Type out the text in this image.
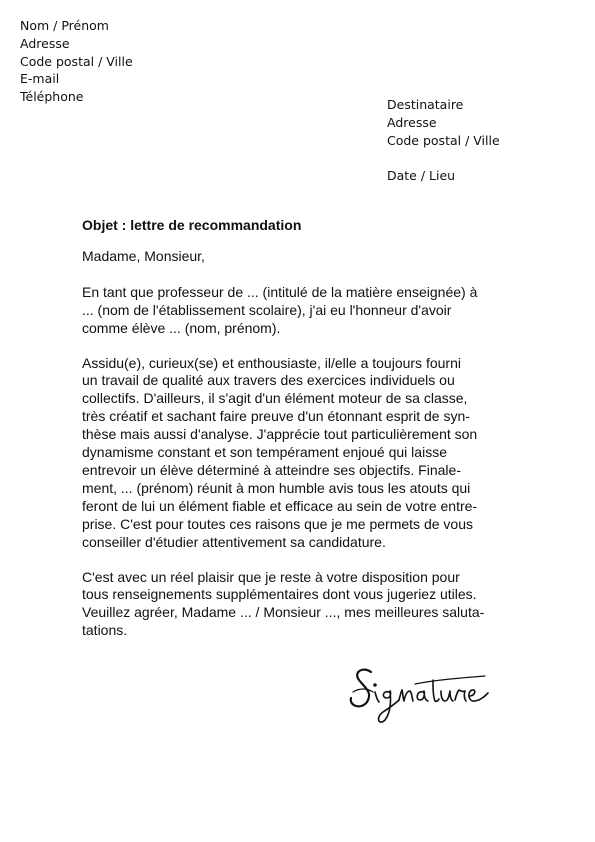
Nom / Prénom
Adresse
Code postal / Ville
E-mail
Téléphone
Destinataire
Adresse
Code postal / Ville
Date / Lieu
Objet : lettre de recommandation
Madame, Monsieur,
En tant que professeur de ... (intitulé de la matière enseignée) à
... (nom de l'établissement scolaire), j'ai eu l'honneur d'avoir
comme élève ... (nom, prénom).
Assidu(e), curieux(se) et enthousiaste, il/elle a toujours fourni
un travail de qualité aux travers des exercices individuels ou
collectifs. D'ailleurs, il s'agit d'un élément moteur de sa classe,
très créatif et sachant faire preuve d'un étonnant esprit de syn-
thèse mais aussi d'analyse. J'apprécie tout particulièrement son
dynamisme constant et son tempérament enjoué qui laisse
entrevoir un élève déterminé à atteindre ses objectifs. Finale-
ment, ... (prénom) réunit à mon humble avis tous les atouts qui
feront de lui un élément fiable et efficace au sein de votre entre-
prise. C'est pour toutes ces raisons que je me permets de vous
conseiller d'étudier attentivement sa candidature.
C'est avec un réel plaisir que je reste à votre disposition pour
tous renseignements supplémentaires dont vous jugeriez utiles.
Veuillez agréer, Madame ... / Monsieur ..., mes meilleures saluta-
tations.
